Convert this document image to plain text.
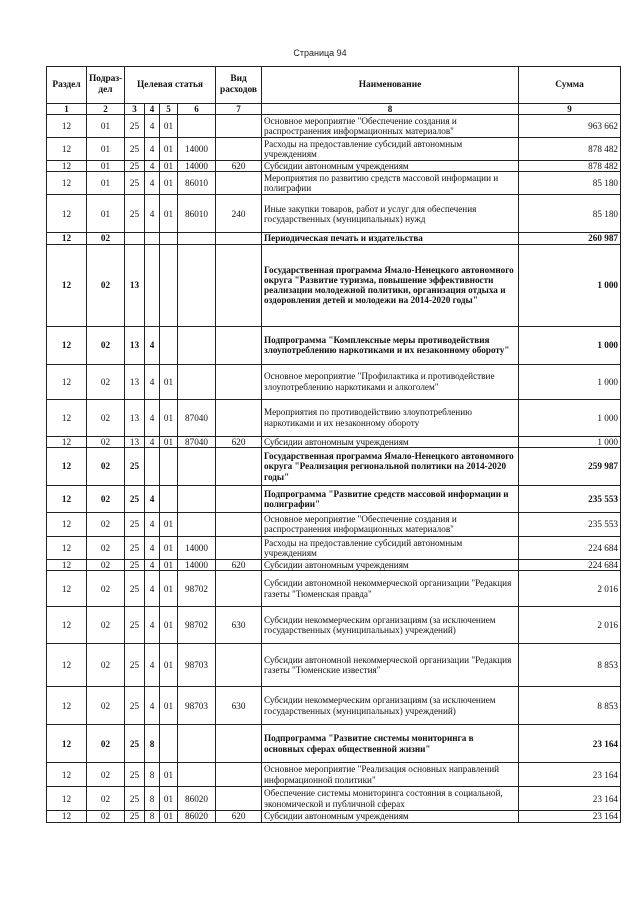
Страница 94
Раздел	Подраз-дел	Целевая статья				Вид расходов	Наименование	Сумма
1	2	3	4	5	6	7	8	9
12	01	25	4	01			Основное мероприятие "Обеспечение создания и распространения информационных материалов"	963 662
12	01	25	4	01	14000		Расходы на предоставление субсидий автономным учреждениям	878 482
12	01	25	4	01	14000	620	Субсидии автономным учреждениям	878 482
12	01	25	4	01	86010		Мероприятия по развитию средств массовой информации и полиграфии	85 180
12	01	25	4	01	86010	240	Иные закупки товаров, работ и услуг для обеспечения государственных (муниципальных) нужд	85 180
12	02						Периодическая печать и издательства	260 987
12	02	13					Государственная программа Ямало-Ненецкого автономного округа "Развитие туризма, повышение эффективности реализации молодежной политики, организация отдыха и оздоровления детей и молодежи на 2014-2020 годы"	1 000
12	02	13	4				Подпрограмма "Комплексные меры противодействия злоупотреблению наркотиками и их незаконному обороту"	1 000
12	02	13	4	01			Основное мероприятие "Профилактика и противодействие злоупотреблению наркотиками и алкоголем"	1 000
12	02	13	4	01	87040		Мероприятия по противодействию злоупотреблению наркотиками и их незаконному обороту	1 000
12	02	13	4	01	87040	620	Субсидии автономным учреждениям	1 000
12	02	25					Государственная программа Ямало-Ненецкого автономного округа "Реализация региональной политики на 2014-2020 годы"	259 987
12	02	25	4				Подпрограмма "Развитие средств массовой информации и полиграфии"	235 553
12	02	25	4	01			Основное мероприятие "Обеспечение создания и распространения информационных материалов"	235 553
12	02	25	4	01	14000		Расходы на предоставление субсидий автономным учреждениям	224 684
12	02	25	4	01	14000	620	Субсидии автономным учреждениям	224 684
12	02	25	4	01	98702		Субсидии автономной некоммерческой организации "Редакция газеты "Тюменская правда"	2 016
12	02	25	4	01	98702	630	Субсидии некоммерческим организациям (за исключением государственных (муниципальных) учреждений)	2 016
12	02	25	4	01	98703		Субсидии автономной некоммерческой организации "Редакция газеты "Тюменские известия"	8 853
12	02	25	4	01	98703	630	Субсидии некоммерческим организациям (за исключением государственных (муниципальных) учреждений)	8 853
12	02	25	8				Подпрограмма "Развитие системы мониторинга в основных сферах общественной жизни"	23 164
12	02	25	8	01			Основное мероприятие "Реализация основных направлений информационной политики"	23 164
12	02	25	8	01	86020		Обеспечение системы мониторинга состояния в социальной, экономической и публичной сферах	23 164
12	02	25	8	01	86020	620	Субсидии автономным учреждениям	23 164
